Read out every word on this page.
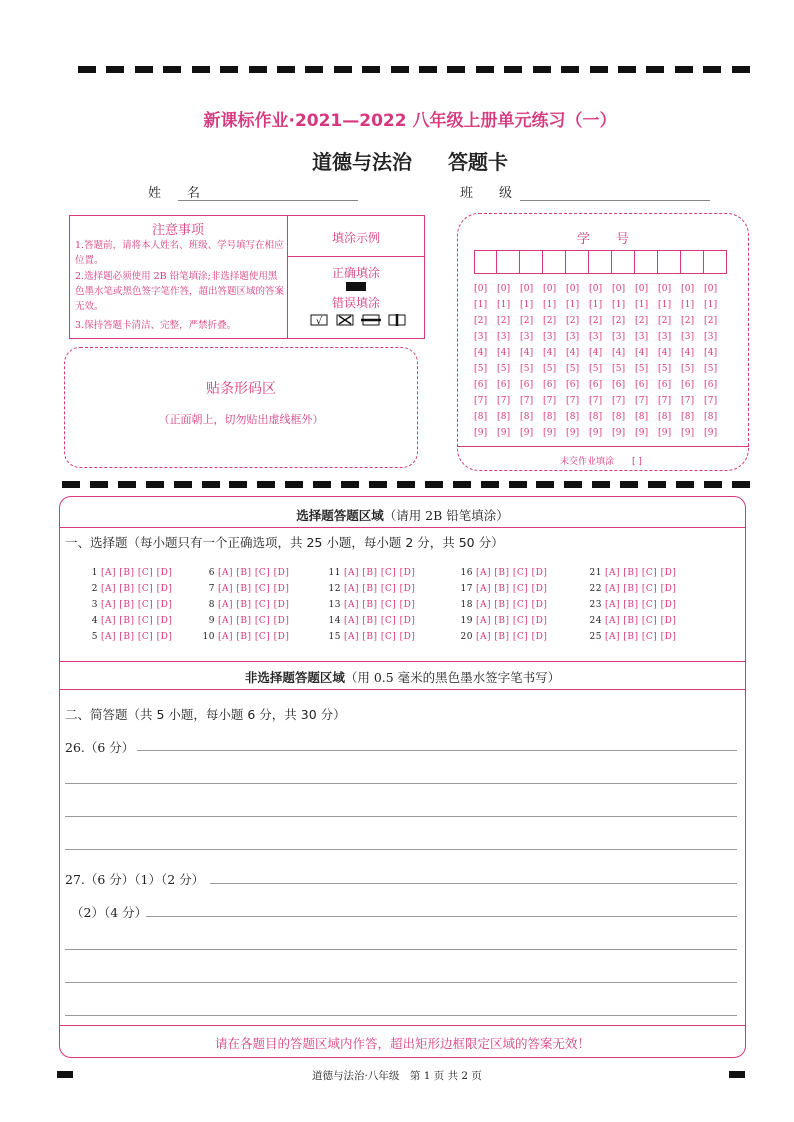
新课标作业·2021—2022 八年级上册单元练习（一）
道德与法治 答题卡
姓　　名	班　　级
注意事项
1.答题前，请将本人姓名、班级、学号填写在相应位置。
2.选择题必须使用 2B 铅笔填涂;非选择题使用黑色墨水笔或黑色签字笔作答，超出答题区域的答案无效。
3.保持答题卡清洁、完整，严禁折叠。
填涂示例
正确填涂
错误填涂
√
贴条形码区
（正面朝上，切勿贴出虚线框外）
学　　号
[0] [0] [0] [0] [0] [0] [0] [0] [0] [0] [0]
[1] [1] [1] [1] [1] [1] [1] [1] [1] [1] [1]
[2] [2] [2] [2] [2] [2] [2] [2] [2] [2] [2]
[3] [3] [3] [3] [3] [3] [3] [3] [3] [3] [3]
[4] [4] [4] [4] [4] [4] [4] [4] [4] [4] [4]
[5] [5] [5] [5] [5] [5] [5] [5] [5] [5] [5]
[6] [6] [6] [6] [6] [6] [6] [6] [6] [6] [6]
[7] [7] [7] [7] [7] [7] [7] [7] [7] [7] [7]
[8] [8] [8] [8] [8] [8] [8] [8] [8] [8] [8]
[9] [9] [9] [9] [9] [9] [9] [9] [9] [9] [9]
未交作业填涂 [ ]
选择题答题区域（请用 2B 铅笔填涂）
一、选择题（每小题只有一个正确选项，共 25 小题，每小题 2 分，共 50 分）
1 [A] [B] [C] [D]
2 [A] [B] [C] [D]
3 [A] [B] [C] [D]
4 [A] [B] [C] [D]
5 [A] [B] [C] [D]
6 [A] [B] [C] [D]
7 [A] [B] [C] [D]
8 [A] [B] [C] [D]
9 [A] [B] [C] [D]
10 [A] [B] [C] [D]
11 [A] [B] [C] [D]
12 [A] [B] [C] [D]
13 [A] [B] [C] [D]
14 [A] [B] [C] [D]
15 [A] [B] [C] [D]
16 [A] [B] [C] [D]
17 [A] [B] [C] [D]
18 [A] [B] [C] [D]
19 [A] [B] [C] [D]
20 [A] [B] [C] [D]
21 [A] [B] [C] [D]
22 [A] [B] [C] [D]
23 [A] [B] [C] [D]
24 [A] [B] [C] [D]
25 [A] [B] [C] [D]
非选择题答题区域（用 0.5 毫米的黑色墨水签字笔书写）
二、简答题（共 5 小题，每小题 6 分，共 30 分）
26.（6 分）
27.（6 分）（1）（2 分）
（2）（4 分）
请在各题目的答题区域内作答，超出矩形边框限定区域的答案无效！
道德与法治·八年级　第 1 页 共 2 页
